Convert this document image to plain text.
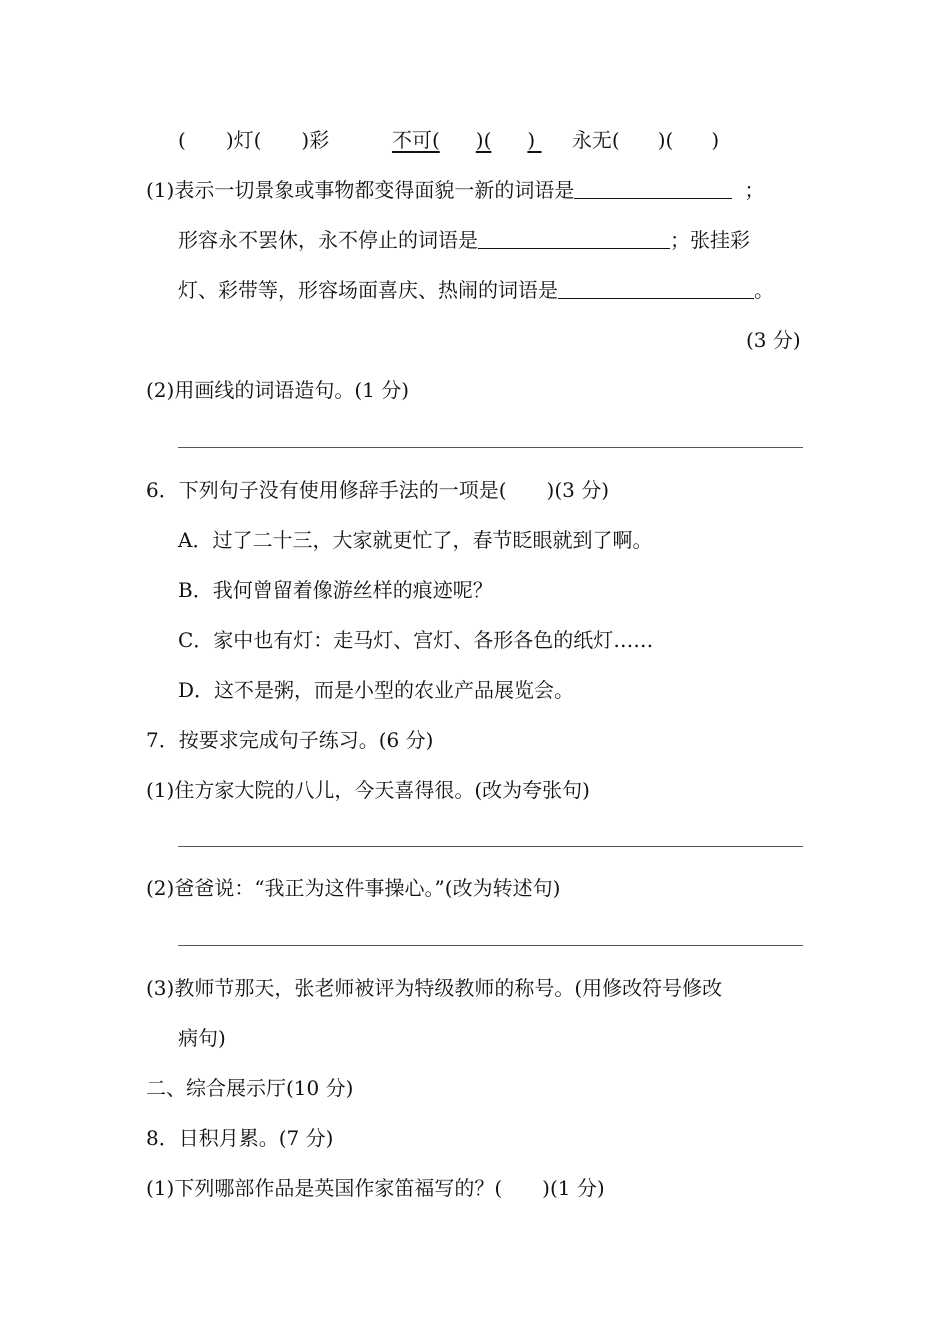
( )灯( )彩	不可( )( ) 永无( )( )
(1)表示一切景象或事物都变得面貌一新的词语是	；
形容永不罢休，永不停止的词语是	；张挂彩
灯、彩带等，形容场面喜庆、热闹的词语是	。
(3 分)
(2)用画线的词语造句。(1 分)
6．下列句子没有使用修辞手法的一项是( )(3 分)
A．过了二十三，大家就更忙了，春节眨眼就到了啊。
B．我何曾留着像游丝样的痕迹呢？
C．家中也有灯：走马灯、宫灯、各形各色的纸灯……
D．这不是粥，而是小型的农业产品展览会。
7．按要求完成句子练习。(6 分)
(1)住方家大院的八儿，今天喜得很。(改为夸张句)
(2)爸爸说：“我正为这件事操心。”(改为转述句)
(3)教师节那天，张老师被评为特级教师的称号。(用修改符号修改
病句)
二、综合展示厅(10 分)
8．日积月累。(7 分)
(1)下列哪部作品是英国作家笛福写的？( )(1 分)
